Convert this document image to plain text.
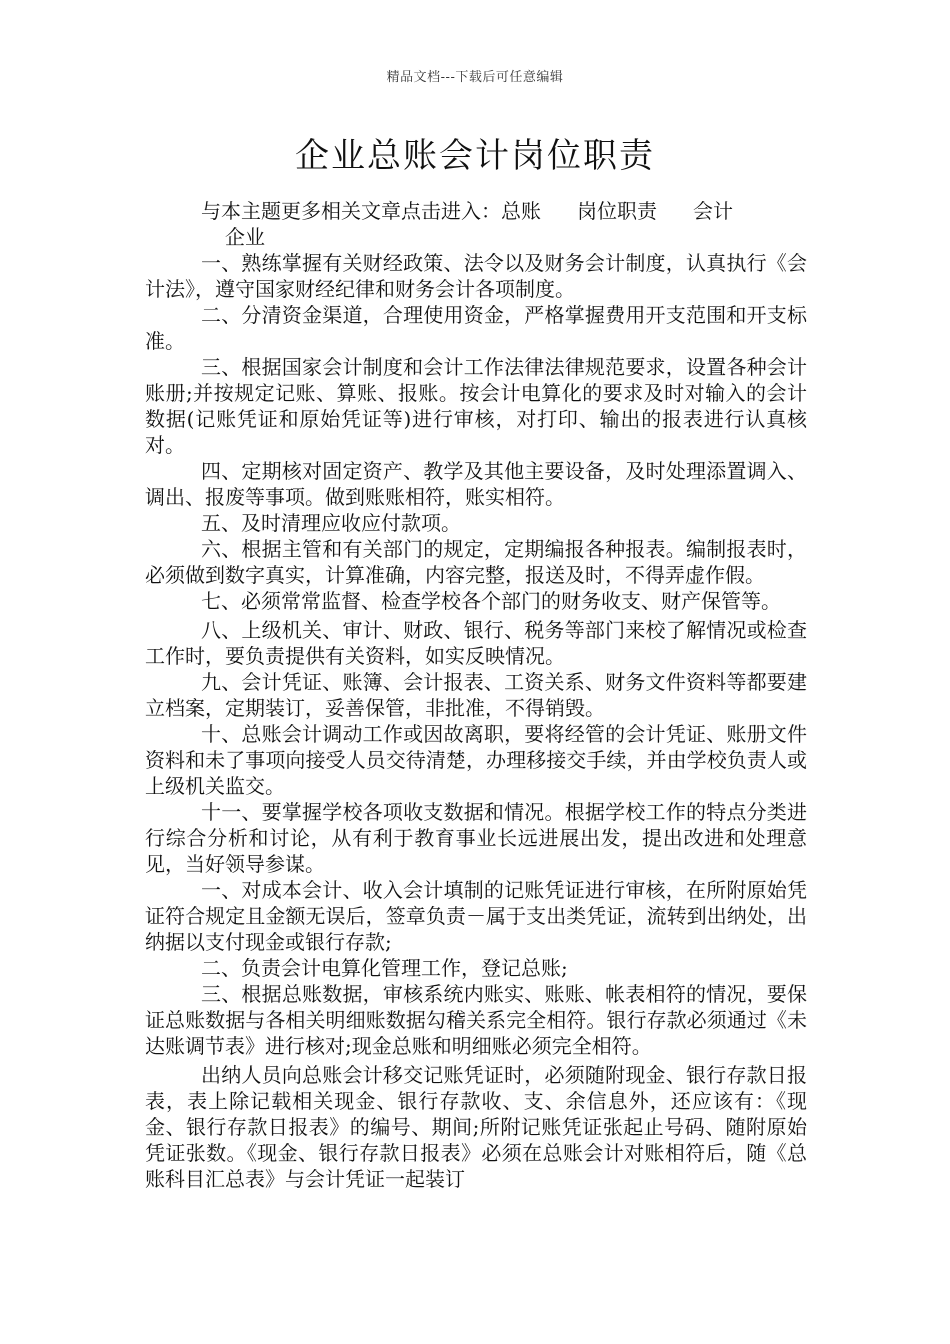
精品文档---下载后可任意编辑
企业总账会计岗位职责
与本主题更多相关文章点击进入：总账 岗位职责 会计
企业

一、熟练掌握有关财经政策、法令以及财务会计制度，认真执行《会计法》，遵守国家财经纪律和财务会计各项制度。

二、分清资金渠道，合理使用资金，严格掌握费用开支范围和开支标准。

三、根据国家会计制度和会计工作法律法律规范要求，设置各种会计账册;并按规定记账、算账、报账。按会计电算化的要求及时对输入的会计数据(记账凭证和原始凭证等)进行审核，对打印、输出的报表进行认真核对。

四、定期核对固定资产、教学及其他主要设备，及时处理添置调入、调出、报废等事项。做到账账相符，账实相符。

五、及时清理应收应付款项。

六、根据主管和有关部门的规定，定期编报各种报表。编制报表时，必须做到数字真实，计算准确，内容完整，报送及时，不得弄虚作假。

七、必须常常监督、检查学校各个部门的财务收支、财产保管等。

八、上级机关、审计、财政、银行、税务等部门来校了解情况或检查工作时，要负责提供有关资料，如实反映情况。

九、会计凭证、账簿、会计报表、工资关系、财务文件资料等都要建立档案，定期装订，妥善保管，非批准，不得销毁。

十、总账会计调动工作或因故离职，要将经管的会计凭证、账册文件资料和未了事项向接受人员交待清楚，办理移接交手续，并由学校负责人或上级机关监交。

十一、要掌握学校各项收支数据和情况。根据学校工作的特点分类进行综合分析和讨论，从有利于教育事业长远进展出发，提出改进和处理意见，当好领导参谋。

一、对成本会计、收入会计填制的记账凭证进行审核，在所附原始凭证符合规定且金额无误后，签章负责－属于支出类凭证，流转到出纳处，出纳据以支付现金或银行存款;

二、负责会计电算化管理工作，登记总账;

三、根据总账数据，审核系统内账实、账账、帐表相符的情况，要保证总账数据与各相关明细账数据勾稽关系完全相符。银行存款必须通过《未达账调节表》进行核对;现金总账和明细账必须完全相符。

出纳人员向总账会计移交记账凭证时，必须随附现金、银行存款日报表，表上除记载相关现金、银行存款收、支、余信息外，还应该有：《现金、银行存款日报表》的编号、期间;所附记账凭证张起止号码、随附原始凭证张数。《现金、银行存款日报表》必须在总账会计对账相符后，随《总账科目汇总表》与会计凭证一起装订
